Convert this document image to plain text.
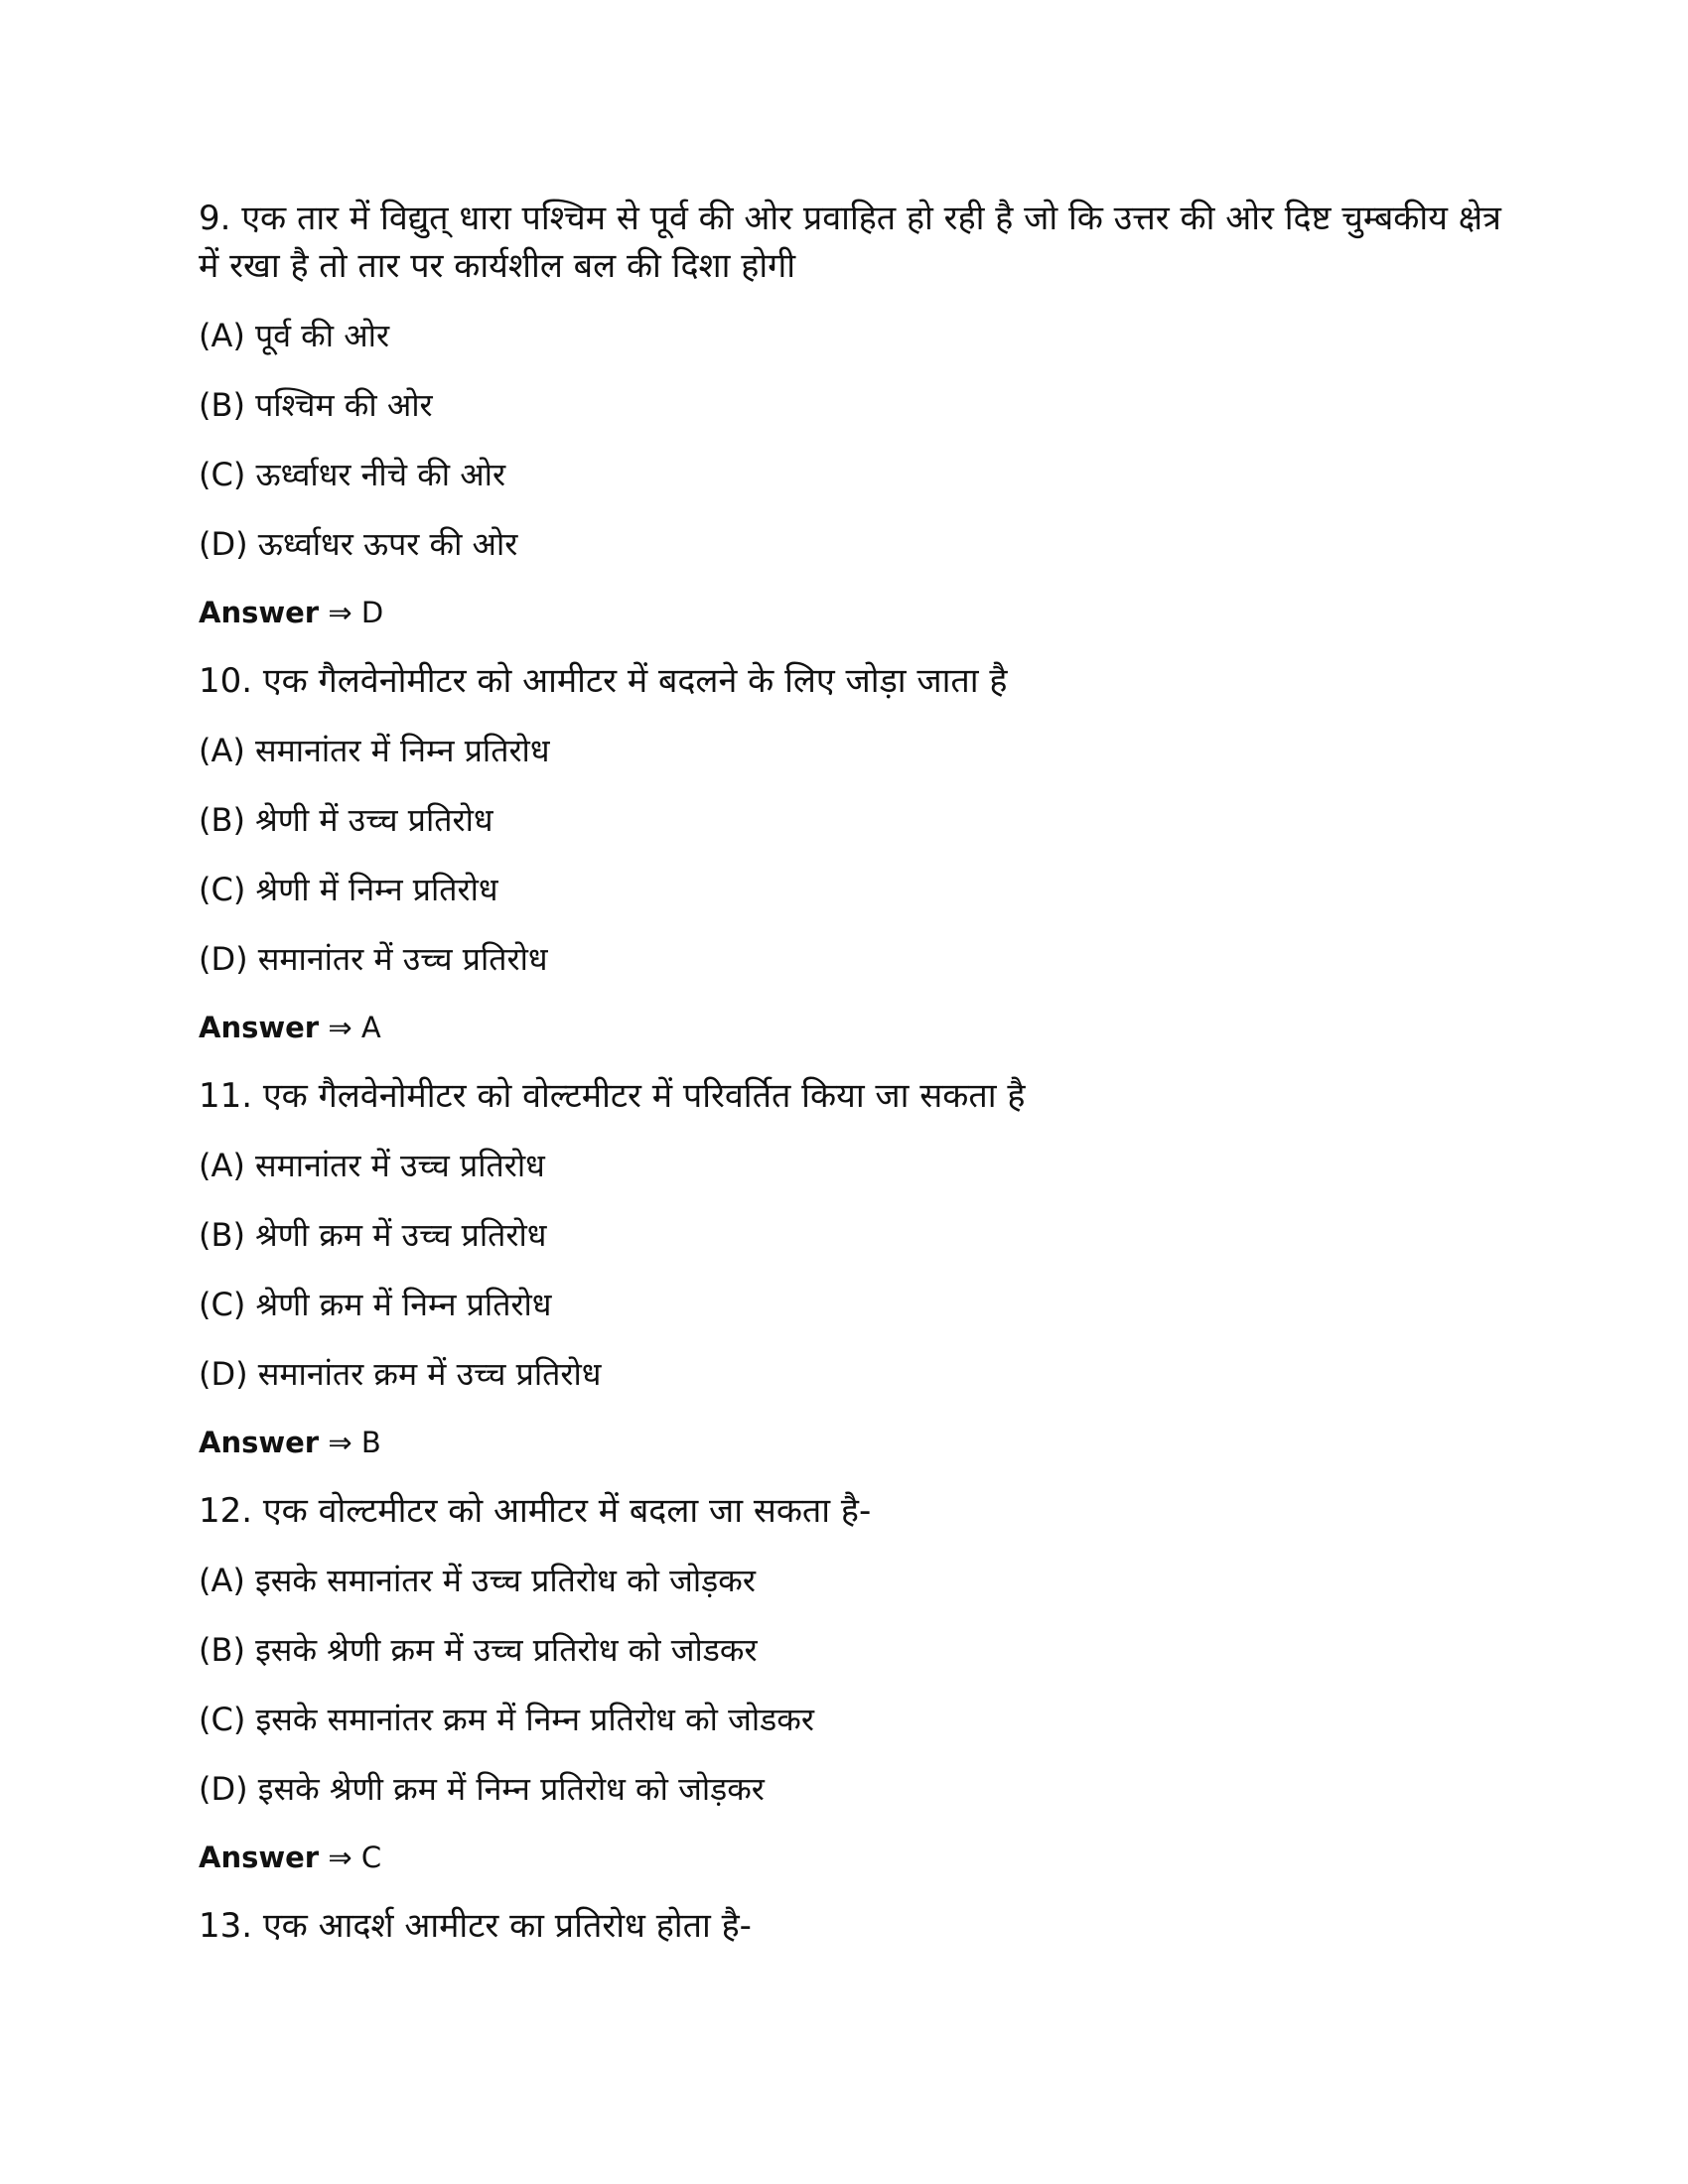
9. एक तार में विद्युत् धारा पश्चिम से पूर्व की ओर प्रवाहित हो रही है जो कि उत्तर की ओर दिष्ट चुम्बकीय क्षेत्र में रखा है तो तार पर कार्यशील बल की दिशा होगी
(A) पूर्व की ओर
(B) पश्चिम की ओर
(C) ऊर्ध्वाधर नीचे की ओर
(D) ऊर्ध्वाधर ऊपर की ओर
Answer ⇒ D
10. एक गैलवेनोमीटर को आमीटर में बदलने के लिए जोड़ा जाता है
(A) समानांतर में निम्न प्रतिरोध
(B) श्रेणी में उच्च प्रतिरोध
(C) श्रेणी में निम्न प्रतिरोध
(D) समानांतर में उच्च प्रतिरोध
Answer ⇒ A
11. एक गैलवेनोमीटर को वोल्टमीटर में परिवर्तित किया जा सकता है
(A) समानांतर में उच्च प्रतिरोध
(B) श्रेणी क्रम में उच्च प्रतिरोध
(C) श्रेणी क्रम में निम्न प्रतिरोध
(D) समानांतर क्रम में उच्च प्रतिरोध
Answer ⇒ B
12. एक वोल्टमीटर को आमीटर में बदला जा सकता है-
(A) इसके समानांतर में उच्च प्रतिरोध को जोड़कर
(B) इसके श्रेणी क्रम में उच्च प्रतिरोध को जोडकर
(C) इसके समानांतर क्रम में निम्न प्रतिरोध को जोडकर
(D) इसके श्रेणी क्रम में निम्न प्रतिरोध को जोड़कर
Answer ⇒ C
13. एक आदर्श आमीटर का प्रतिरोध होता है-
